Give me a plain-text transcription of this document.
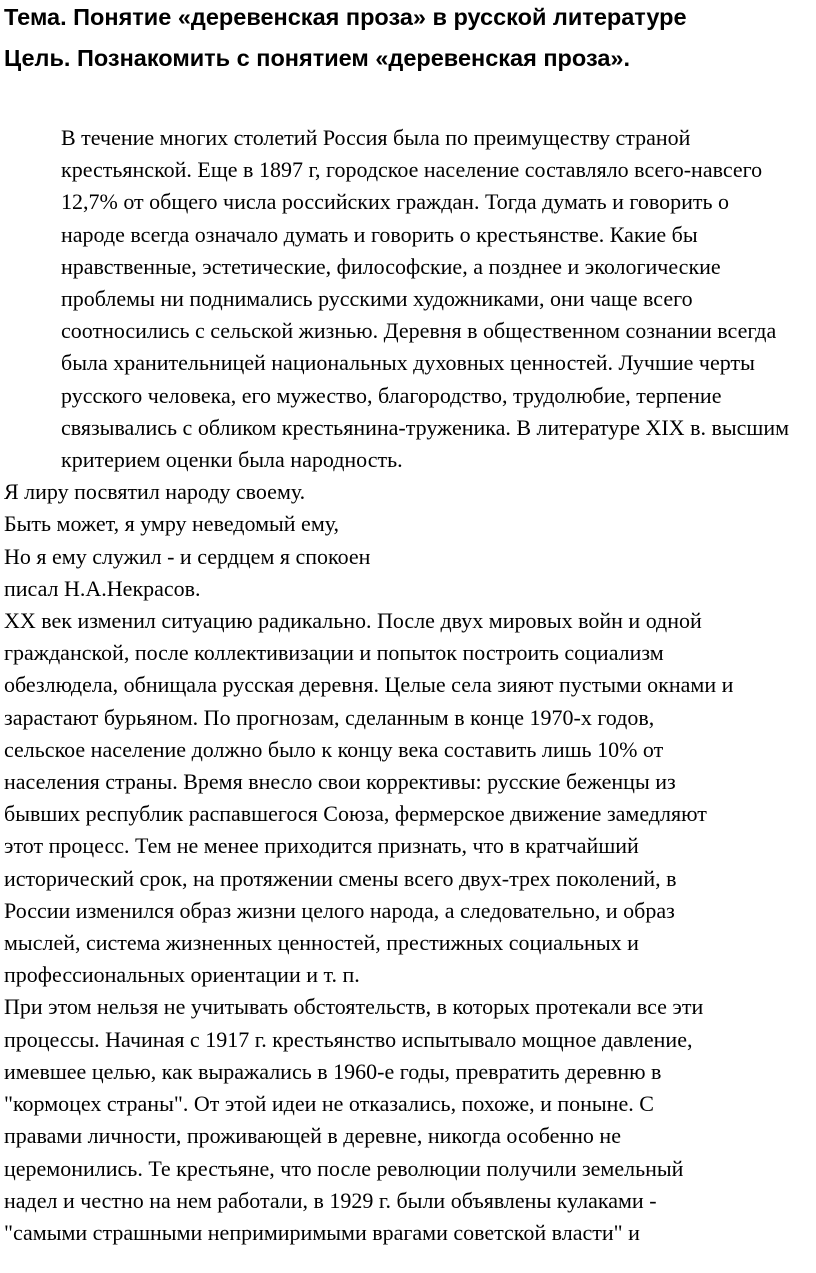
Тема. Понятие «деревенская проза» в русской литературе
Цель. Познакомить с понятием «деревенская проза».
В течение многих столетий Россия была по преимуществу страной
крестьянской. Еще в 1897 г, городское население составляло всего-навсего
12,7% от общего числа российских граждан. Тогда думать и говорить о
народе всегда означало думать и говорить о крестьянстве. Какие бы
нравственные, эстетические, философские, а позднее и экологические
проблемы ни поднимались русскими художниками, они чаще всего
соотносились с сельской жизнью. Деревня в общественном сознании всегда
была хранительницей национальных духовных ценностей. Лучшие черты
русского человека, его мужество, благородство, трудолюбие, терпение
связывались с обликом крестьянина-труженика. В литературе XIX в. высшим
критерием оценки была народность.
Я лиру посвятил народу своему.
Быть может, я умру неведомый ему,
Но я ему служил - и сердцем я спокоен
писал Н.А.Некрасов.
XX век изменил ситуацию радикально. После двух мировых войн и одной
гражданской, после коллективизации и попыток построить социализм
обезлюдела, обнищала русская деревня. Целые села зияют пустыми окнами и
зарастают бурьяном. По прогнозам, сделанным в конце 1970-х годов,
сельское население должно было к концу века составить лишь 10% от
населения страны. Время внесло свои коррективы: русские беженцы из
бывших республик распавшегося Союза, фермерское движение замедляют
этот процесс. Тем не менее приходится признать, что в кратчайший
исторический срок, на протяжении смены всего двух-трех поколений, в
России изменился образ жизни целого народа, а следовательно, и образ
мыслей, система жизненных ценностей, престижных социальных и
профессиональных ориентации и т. п.
При этом нельзя не учитывать обстоятельств, в которых протекали все эти
процессы. Начиная с 1917 г. крестьянство испытывало мощное давление,
имевшее целью, как выражались в 1960-е годы, превратить деревню в
"кормоцех страны". От этой идеи не отказались, похоже, и поныне. С
правами личности, проживающей в деревне, никогда особенно не
церемонились. Те крестьяне, что после революции получили земельный
надел и честно на нем работали, в 1929 г. были объявлены кулаками -
"самыми страшными непримиримыми врагами советской власти" и
